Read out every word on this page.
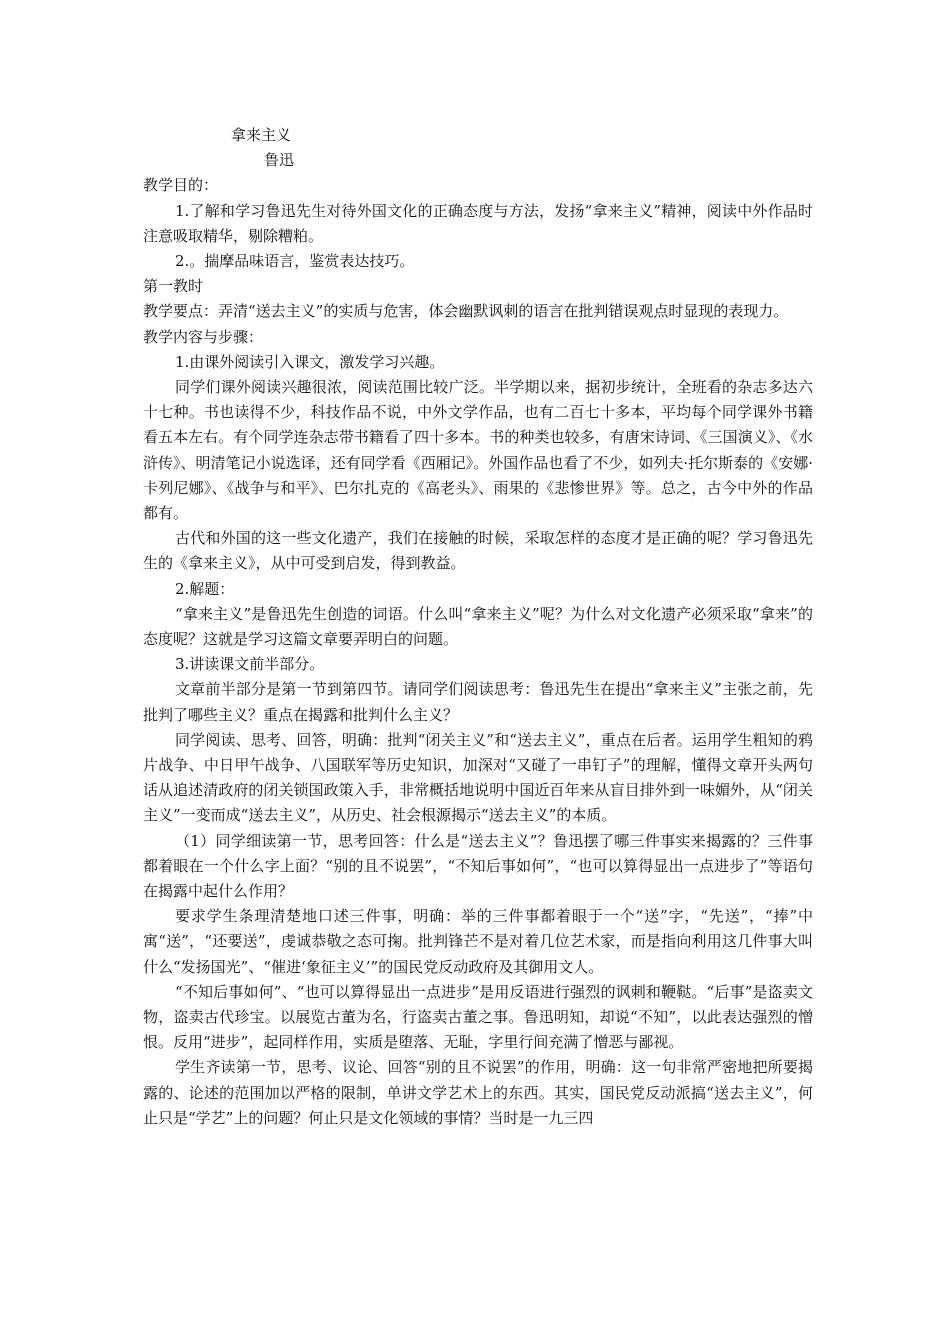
拿来主义
鲁迅
教学目的：
1.了解和学习鲁迅先生对待外国文化的正确态度与方法，发扬“拿来主义”精神，阅读中外作品时注意吸取精华，剔除糟粕。
2.。揣摩品味语言，鉴赏表达技巧。
第一教时
教学要点：弄清“送去主义”的实质与危害，体会幽默讽刺的语言在批判错误观点时显现的表现力。
教学内容与步骤：
1.由课外阅读引入课文，激发学习兴趣。
同学们课外阅读兴趣很浓，阅读范围比较广泛。半学期以来，据初步统计，全班看的杂志多达六十七种。书也读得不少，科技作品不说，中外文学作品，也有二百七十多本，平均每个同学课外书籍看五本左右。有个同学连杂志带书籍看了四十多本。书的种类也较多，有唐宋诗词、《三国演义》、《水浒传》、明清笔记小说选译，还有同学看《西厢记》。外国作品也看了不少，如列夫·托尔斯泰的《安娜·卡列尼娜》、《战争与和平》、巴尔扎克的《高老头》、雨果的《悲惨世界》等。总之，古今中外的作品都有。
古代和外国的这一些文化遗产，我们在接触的时候，采取怎样的态度才是正确的呢？学习鲁迅先生的《拿来主义》，从中可受到启发，得到教益。
2.解题：
“拿来主义”是鲁迅先生创造的词语。什么叫“拿来主义”呢？为什么对文化遗产必须采取“拿来”的态度呢？这就是学习这篇文章要弄明白的问题。
3.讲读课文前半部分。
文章前半部分是第一节到第四节。请同学们阅读思考：鲁迅先生在提出“拿来主义”主张之前，先批判了哪些主义？重点在揭露和批判什么主义？
同学阅读、思考、回答，明确：批判“闭关主义”和“送去主义”，重点在后者。运用学生粗知的鸦片战争、中日甲午战争、八国联军等历史知识，加深对“又碰了一串钉子”的理解，懂得文章开头两句话从追述清政府的闭关锁国政策入手，非常概括地说明中国近百年来从盲目排外到一味媚外，从“闭关主义”一变而成“送去主义”，从历史、社会根源揭示“送去主义”的本质。
（1）同学细读第一节，思考回答：什么是“送去主义”？鲁迅摆了哪三件事实来揭露的？三件事都着眼在一个什么字上面？“别的且不说罢”，“不知后事如何”，“也可以算得显出一点进步了”等语句在揭露中起什么作用？
要求学生条理清楚地口述三件事，明确：举的三件事都着眼于一个“送”字，“先送”，“捧”中寓“送”，“还要送”，虔诚恭敬之态可掬。批判锋芒不是对着几位艺术家，而是指向利用这几件事大叫什么“发扬国光”、“催进‘象征主义’”的国民党反动政府及其御用文人。
“不知后事如何”、“也可以算得显出一点进步”是用反语进行强烈的讽刺和鞭鞑。“后事”是盗卖文物，盗卖古代珍宝。以展览古董为名，行盗卖古董之事。鲁迅明知，却说“不知”，以此表达强烈的憎恨。反用“进步”，起同样作用，实质是堕落、无耻，字里行间充满了憎恶与鄙视。
学生齐读第一节，思考、议论、回答“别的且不说罢”的作用，明确：这一句非常严密地把所要揭露的、论述的范围加以严格的限制，单讲文学艺术上的东西。其实，国民党反动派搞“送去主义”，何止只是“学艺”上的问题？何止只是文化领域的事情？当时是一九三四
